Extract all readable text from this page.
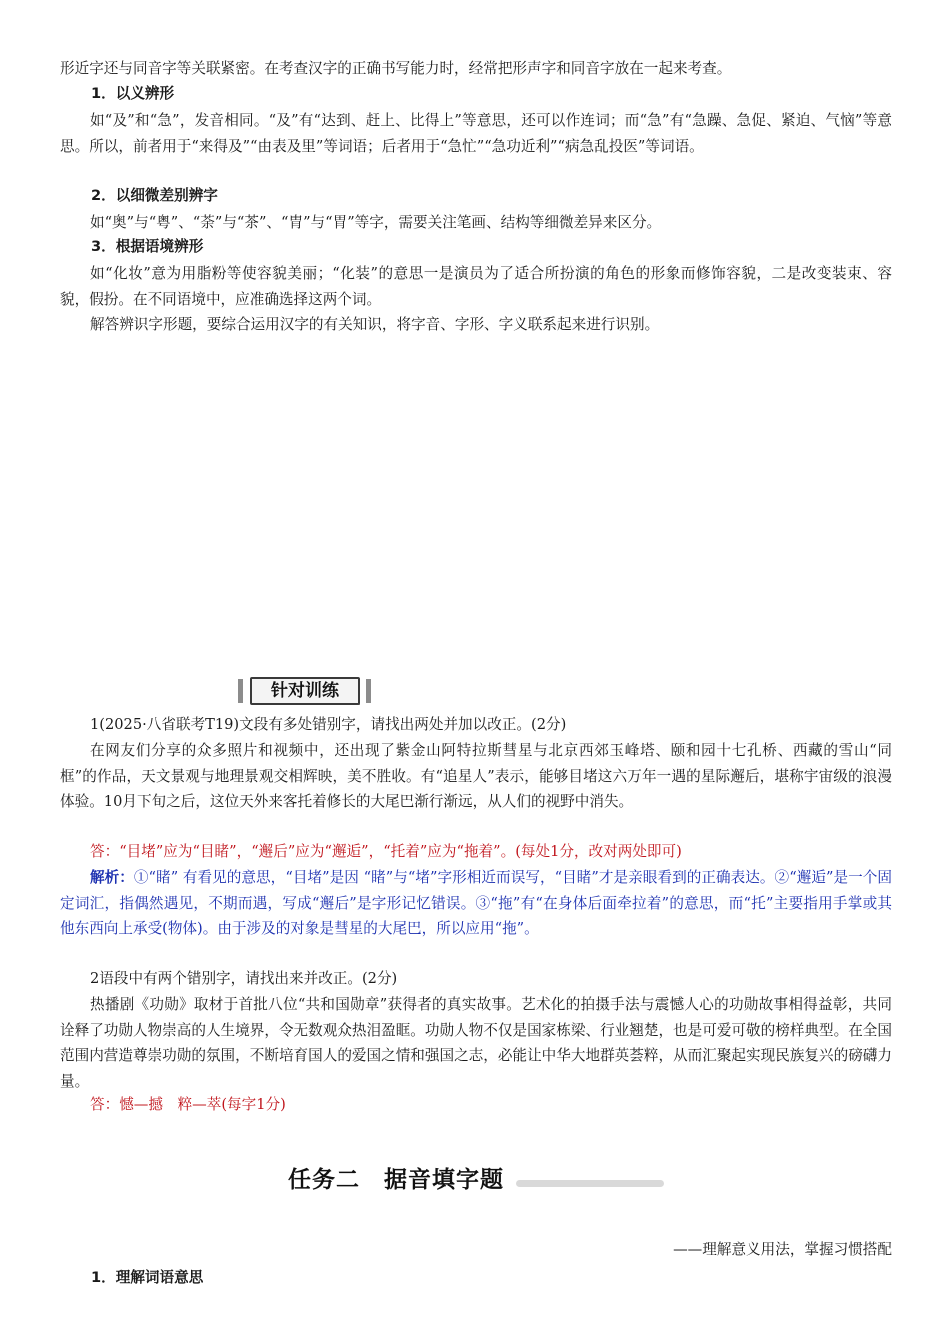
形近字还与同音字等关联紧密。在考查汉字的正确书写能力时，经常把形声字和同音字放在一起来考查。
1．以义辨形
如“及”和“急”，发音相同。“及”有“达到、赶上、比得上”等意思，还可以作连词；而“急”有“急躁、急促、紧迫、气恼”等意思。所以，前者用于“来得及”“由表及里”等词语；后者用于“急忙”“急功近利”“病急乱投医”等词语。
2．以细微差别辨字
如“奥”与“粤”、“荼”与“茶”、“胄”与“胃”等字，需要关注笔画、结构等细微差异来区分。
3．根据语境辨形
如“化妆”意为用脂粉等使容貌美丽；“化装”的意思一是演员为了适合所扮演的角色的形象而修饰容貌，二是改变装束、容貌，假扮。在不同语境中，应准确选择这两个词。
解答辨识字形题，要综合运用汉字的有关知识，将字音、字形、字义联系起来进行识别。
针对训练
1(2025·八省联考T19)文段有多处错别字，请找出两处并加以改正。(2分)
在网友们分享的众多照片和视频中，还出现了紫金山阿特拉斯彗星与北京西郊玉峰塔、颐和园十七孔桥、西藏的雪山“同框”的作品，天文景观与地理景观交相辉映，美不胜收。有“追星人”表示，能够目堵这六万年一遇的星际邂后，堪称宇宙级的浪漫体验。10月下旬之后，这位天外来客托着修长的大尾巴渐行渐远，从人们的视野中消失。
答：“目堵”应为“目睹”，“邂后”应为“邂逅”，“托着”应为“拖着”。(每处1分，改对两处即可)
解析：①“睹” 有看见的意思，“目堵”是因 “睹”与“堵”字形相近而误写，“目睹”才是亲眼看到的正确表达。②“邂逅”是一个固定词汇，指偶然遇见，不期而遇，写成“邂后”是字形记忆错误。③“拖”有“在身体后面牵拉着”的意思，而“托”主要指用手掌或其他东西向上承受(物体)。由于涉及的对象是彗星的大尾巴，所以应用“拖”。
2语段中有两个错别字，请找出来并改正。(2分)
热播剧《功勋》取材于首批八位“共和国勋章”获得者的真实故事。艺术化的拍摄手法与震憾人心的功勋故事相得益彰，共同诠释了功勋人物崇高的人生境界，令无数观众热泪盈眶。功勋人物不仅是国家栋梁、行业翘楚，也是可爱可敬的榜样典型。在全国范围内营造尊崇功勋的氛围，不断培育国人的爱国之情和强国之志，必能让中华大地群英荟粹，从而汇聚起实现民族复兴的磅礴力量。
答：憾—撼　粹—萃(每字1分)
任务二　据音填字题
——理解意义用法，掌握习惯搭配
1．理解词语意思
